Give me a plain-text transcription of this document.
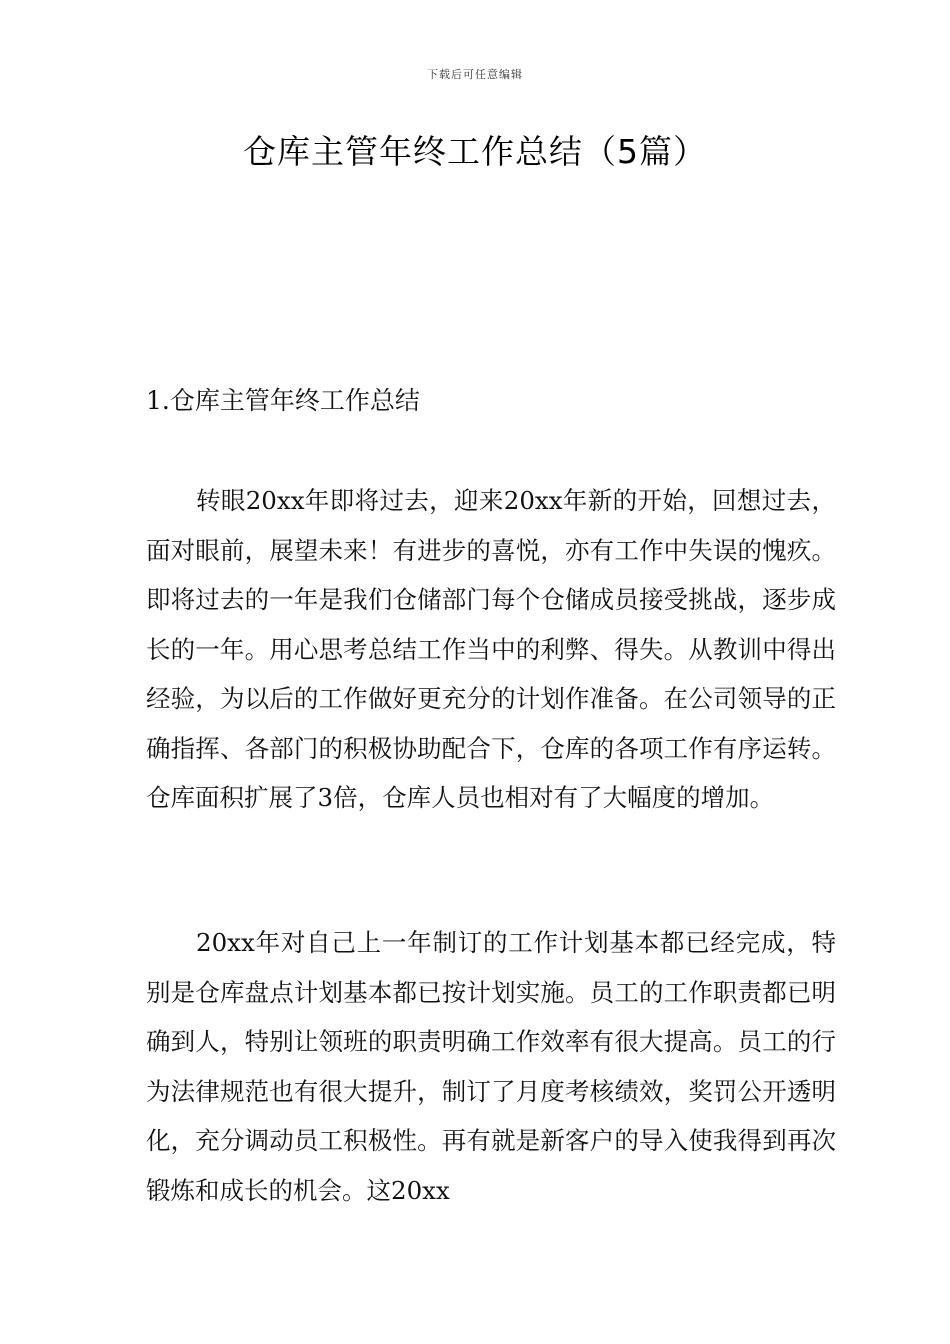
下载后可任意编辑
仓库主管年终工作总结（5篇）
1.仓库主管年终工作总结

转眼20xx年即将过去，迎来20xx年新的开始，回想过去，面对眼前，展望未来！有进步的喜悦，亦有工作中失误的愧疚。即将过去的一年是我们仓储部门每个仓储成员接受挑战，逐步成长的一年。用心思考总结工作当中的利弊、得失。从教训中得出经验，为以后的工作做好更充分的计划作准备。在公司领导的正确指挥、各部门的积极协助配合下，仓库的各项工作有序运转。仓库面积扩展了3倍，仓库人员也相对有了大幅度的增加。

20xx年对自己上一年制订的工作计划基本都已经完成，特别是仓库盘点计划基本都已按计划实施。员工的工作职责都已明确到人，特别让领班的职责明确工作效率有很大提高。员工的行为法律规范也有很大提升，制订了月度考核绩效，奖罚公开透明化，充分调动员工积极性。再有就是新客户的导入使我得到再次锻炼和成长的机会。这20xx
